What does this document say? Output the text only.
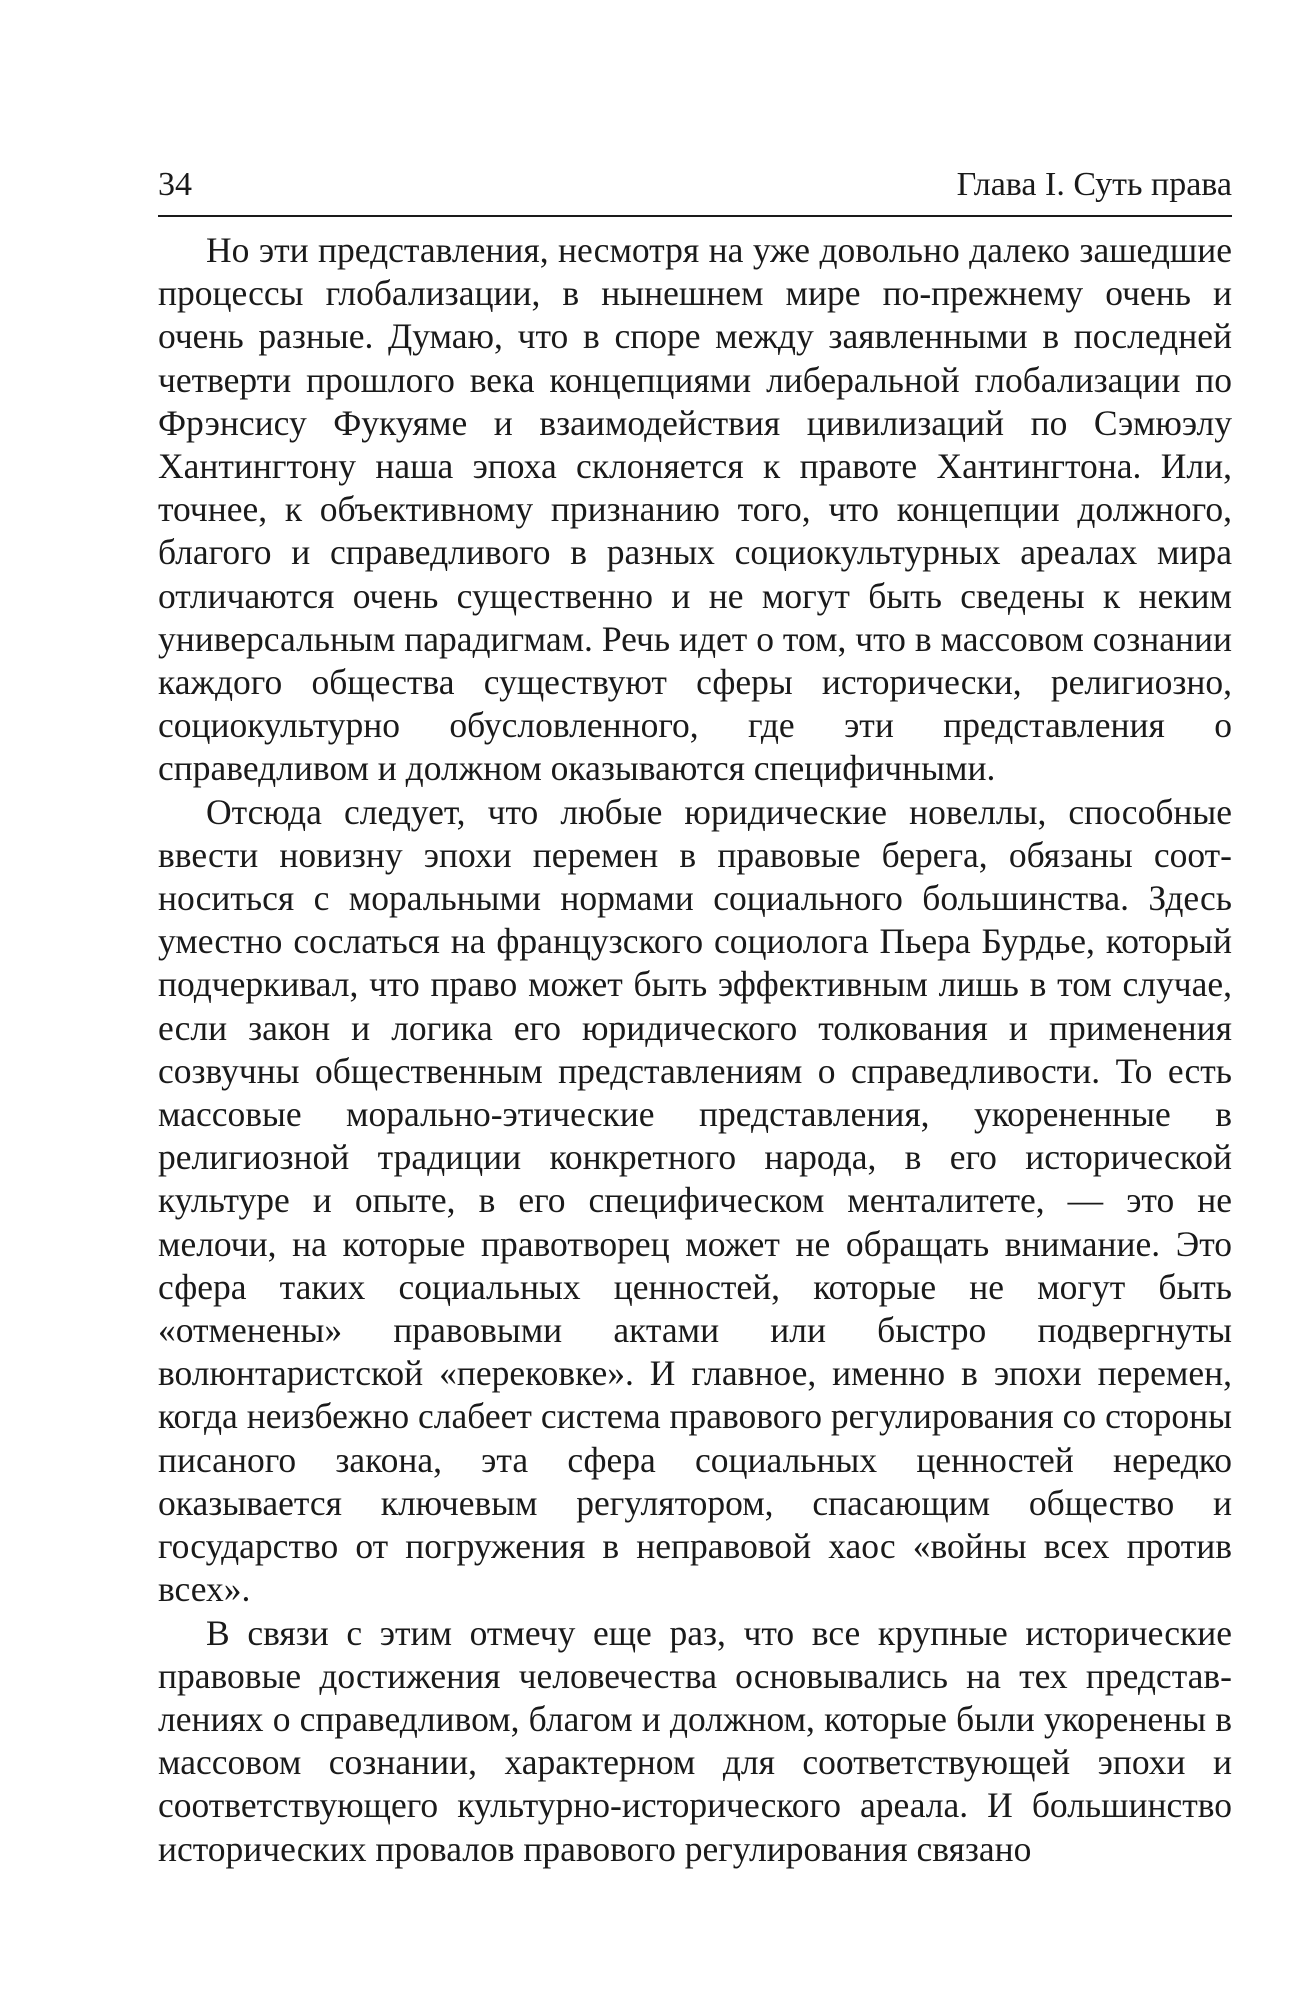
34	Глава I. Суть права

Но эти представления, несмотря на уже довольно далеко зашедшие процессы глобализации, в нынешнем мире по-прежнему очень и очень разные. Думаю, что в споре между заявленными в последней четверти прошлого века концепциями либеральной глобализации по Фрэнсису Фукуяме и взаимодействия цивилизаций по Сэмюэлу Хантингтону наша эпоха склоняется к правоте Хантингтона. Или, точнее, к объективному признанию того, что концепции должного, благого и справедливого в разных социокультурных ареалах мира отличаются очень существенно и не могут быть сведены к неким универсальным парадигмам. Речь идет о том, что в массовом сознании каждого общества существуют сферы исторически, религиозно, социокультурно обусловленного, где эти представления о справедливом и должном оказываются специфичными.

Отсюда следует, что любые юридические новеллы, способные ввести новизну эпохи перемен в правовые берега, обязаны соотноситься с моральными нормами социального большинства. Здесь уместно сослаться на французского социолога Пьера Бурдье, который подчеркивал, что право может быть эффективным лишь в том случае, если закон и логика его юридического толкования и применения созвучны общественным представлениям о справедливости. То есть массовые морально-этические представления, укорененные в религиозной традиции конкретного народа, в его исторической культуре и опыте, в его специфическом менталитете, — это не мелочи, на которые правотворец может не обращать внимание. Это сфера таких социальных ценностей, которые не могут быть «отменены» правовыми актами или быстро подвергнуты волюнтаристской «перековке». И главное, именно в эпохи перемен, когда неизбежно слабеет система правового регулирования со стороны писаного закона, эта сфера социальных ценностей нередко оказывается ключевым регулятором, спасающим общество и государство от погружения в неправовой хаос «войны всех против всех».

В связи с этим отмечу еще раз, что все крупные исторические правовые достижения человечества основывались на тех представлениях о справедливом, благом и должном, которые были укоренены в массовом сознании, характерном для соответствующей эпохи и соответствующего культурно-исторического ареала. И большинство исторических провалов правового регулирования связано
